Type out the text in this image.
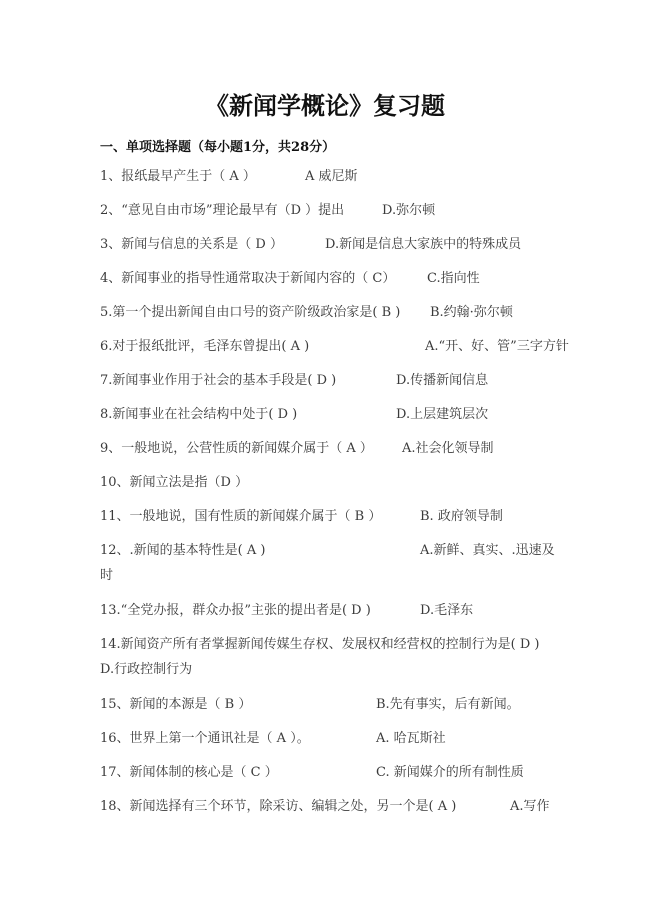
《新闻学概论》复习题
一、单项选择题（每小题1分，共28分）
1、报纸最早产生于（ A ）	A 威尼斯
2、“意见自由市场”理论最早有（D ）提出	D.弥尔顿
3、新闻与信息的关系是（ D ）	D.新闻是信息大家族中的特殊成员
4、新闻事业的指导性通常取决于新闻内容的（ C） C.指向性
5.第一个提出新闻自由口号的资产阶级政治家是( B ) B.约翰·弥尔顿
6.对于报纸批评，毛泽东曾提出( A )	A.“开、好、管”三字方针
7.新闻事业作用于社会的基本手段是( D )	D.传播新闻信息
8.新闻事业在社会结构中处于( D )	D.上层建筑层次
9、一般地说，公营性质的新闻媒介属于（ A ） A.社会化领导制
10、新闻立法是指（D ）
11、一般地说，国有性质的新闻媒介属于（ B ）	B. 政府领导制
12、.新闻的基本特性是( A )	A.新鲜、真实、.迅速及
时
13.“全党办报，群众办报”主张的提出者是( D )	D.毛泽东
14.新闻资产所有者掌握新闻传媒生存权、发展权和经营权的控制行为是( D )
D.行政控制行为
15、新闻的本源是（ B ）	B.先有事实，后有新闻。
16、世界上第一个通讯社是（ A ）。	A. 哈瓦斯社
17、新闻体制的核心是（ C ）	C. 新闻媒介的所有制性质
18、新闻选择有三个环节，除采访、编辑之处，另一个是( A )	A.写作
